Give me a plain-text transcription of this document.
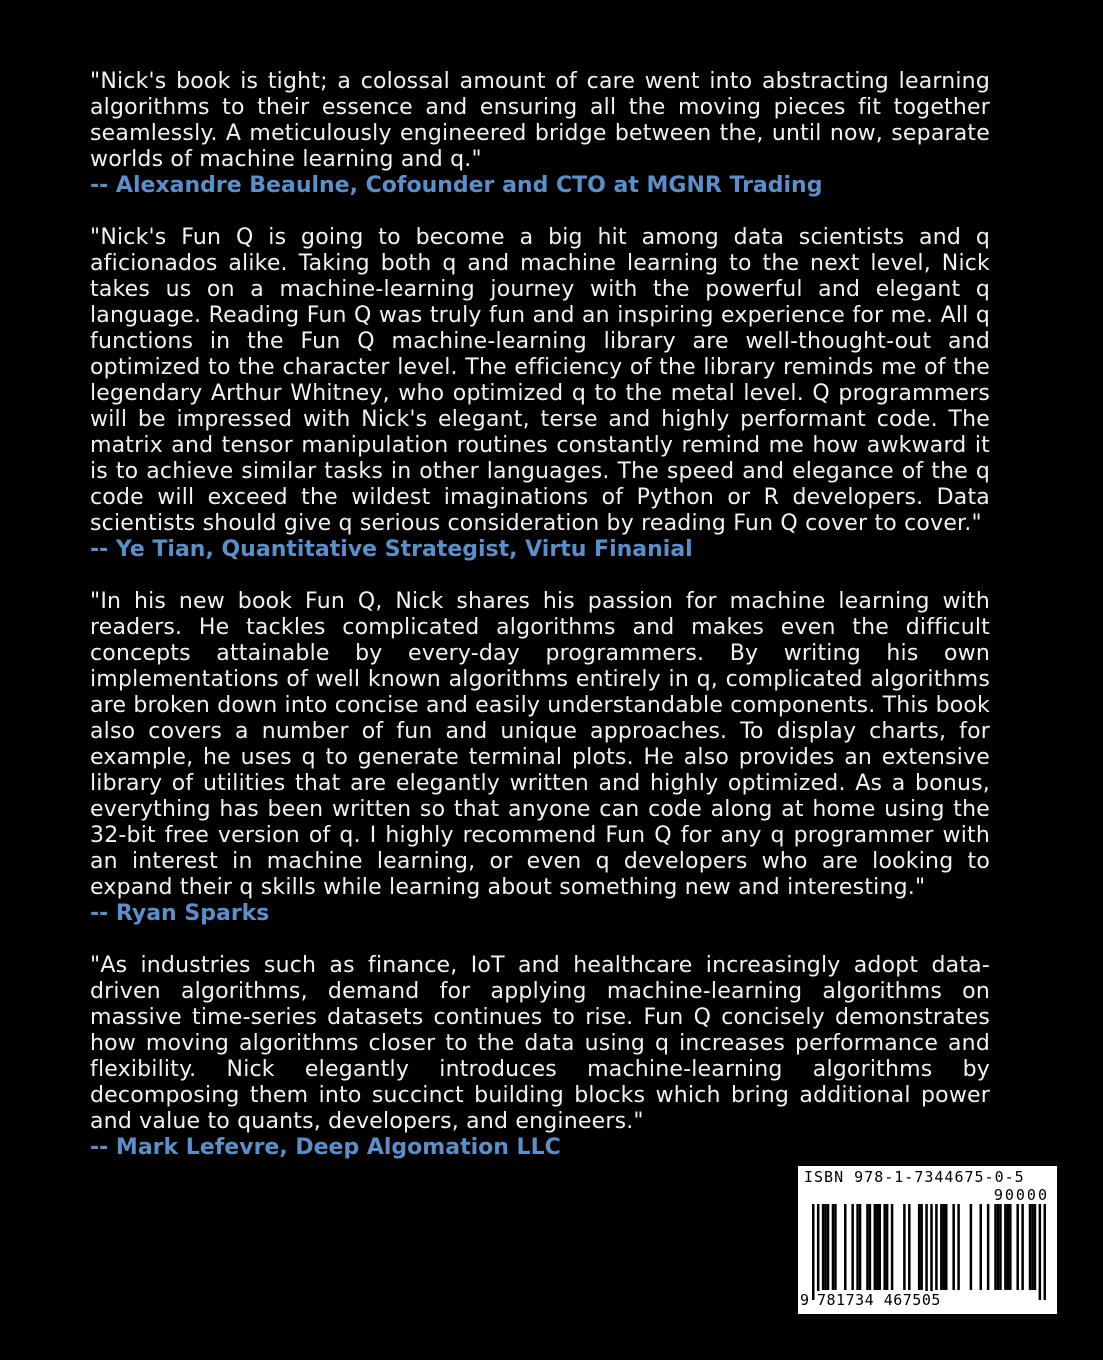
"Nick's book is tight; a colossal amount of care went into abstracting learning algorithms to their essence and ensuring all the moving pieces fit together seamlessly. A meticulously engineered bridge between the, until now, separate worlds of machine learning and q."

-- Alexandre Beaulne, Cofounder and CTO at MGNR Trading

"Nick's Fun Q is going to become a big hit among data scientists and q aficionados alike. Taking both q and machine learning to the next level, Nick takes us on a machine-learning journey with the powerful and elegant q language. Reading Fun Q was truly fun and an inspiring experience for me. All q functions in the Fun Q machine-learning library are well-thought-out and optimized to the character level. The efficiency of the library reminds me of the legendary Arthur Whitney, who optimized q to the metal level. Q programmers will be impressed with Nick's elegant, terse and highly performant code. The matrix and tensor manipulation routines constantly remind me how awkward it is to achieve similar tasks in other languages. The speed and elegance of the q code will exceed the wildest imaginations of Python or R developers. Data scientists should give q serious consideration by reading Fun Q cover to cover."

-- Ye Tian, Quantitative Strategist, Virtu Finanial

"In his new book Fun Q, Nick shares his passion for machine learning with readers. He tackles complicated algorithms and makes even the difficult concepts attainable by every-day programmers. By writing his own implementations of well known algorithms entirely in q, complicated algorithms are broken down into concise and easily understandable components. This book also covers a number of fun and unique approaches. To display charts, for example, he uses q to generate terminal plots. He also provides an extensive library of utilities that are elegantly written and highly optimized. As a bonus, everything has been written so that anyone can code along at home using the 32-bit free version of q. I highly recommend Fun Q for any q programmer with an interest in machine learning, or even q developers who are looking to expand their q skills while learning about something new and interesting."

-- Ryan Sparks

"As industries such as finance, IoT and healthcare increasingly adopt data-driven algorithms, demand for applying machine-learning algorithms on massive time-series datasets continues to rise. Fun Q concisely demonstrates how moving algorithms closer to the data using q increases performance and flexibility. Nick elegantly introduces machine-learning algorithms by decomposing them into succinct building blocks which bring additional power and value to quants, developers, and engineers."

-- Mark Lefevre, Deep Algomation LLC

ISBN 978-1-7344675-0-5
90000
9 781734 467505
